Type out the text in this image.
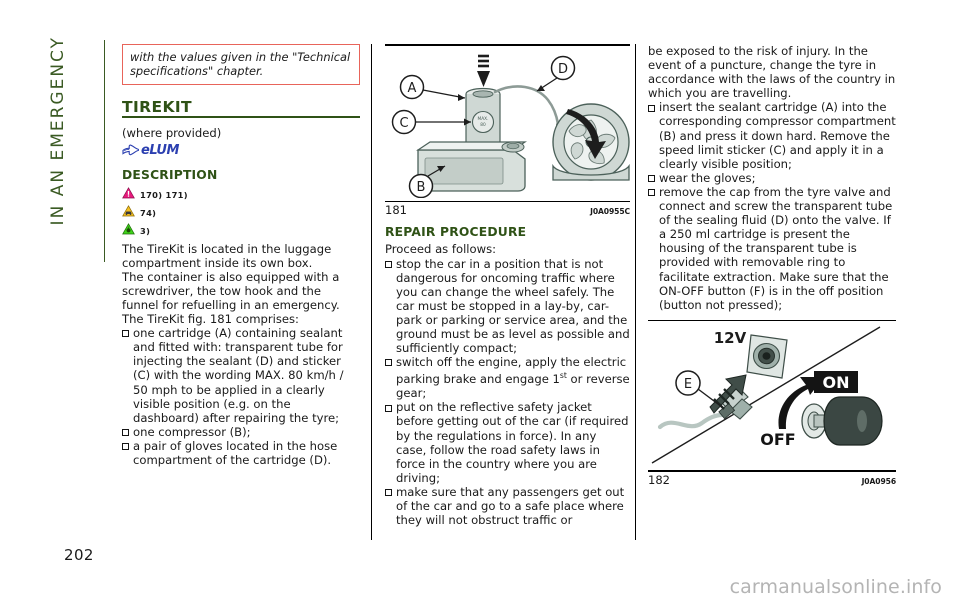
IN AN EMERGENCY	with the values given in the "Technical specifications" chapter.
TIREKIT

(where provided)

eLUM
DESCRIPTION
170) 171)
74)
3)

The TireKit is located in the luggage compartment inside its own box.

The container is also equipped with a screwdriver, the tow hook and the funnel for refuelling in an emergency.

The TireKit fig. 181 comprises:

one cartridge (A) containing sealant and fitted with: transparent tube for injecting the sealant (D) and sticker (C) with the wording MAX. 80 km/h / 50 mph to be applied in a clearly visible position (e.g. on the dashboard) after repairing the tyre;

one compressor (B);

a pair of gloves located in the hose compartment of the cartridge (D).

MAX.
80
A
C
B
D
181	J0A0955C
REPAIR PROCEDURE

Proceed as follows:

stop the car in a position that is not dangerous for oncoming traffic where you can change the wheel safely. The car must be stopped in a lay-by, car-park or parking or service area, and the ground must be as level as possible and sufficiently compact;

switch off the engine, apply the electric parking brake and engage 1st or reverse gear;

put on the reflective safety jacket before getting out of the car (if required by the regulations in force). In any case, follow the road safety laws in force in the country where you are driving;

make sure that any passengers get out of the car and go to a safe place where they will not obstruct traffic or

be exposed to the risk of injury. In the event of a puncture, change the tyre in accordance with the laws of the country in which you are travelling.

insert the sealant cartridge (A) into the corresponding compressor compartment (B) and press it down hard. Remove the speed limit sticker (C) and apply it in a clearly visible position;

wear the gloves;

remove the cap from the tyre valve and connect and screw the transparent tube of the sealing fluid (D) onto the valve. If a 250 ml cartridge is present the housing of the transparent tube is provided with removable ring to facilitate extraction. Make sure that the ON-OFF button (F) is in the off position (button not pressed);

12V
E	ON
OFF
182	J0A0956
202
carmanualsonline.info
